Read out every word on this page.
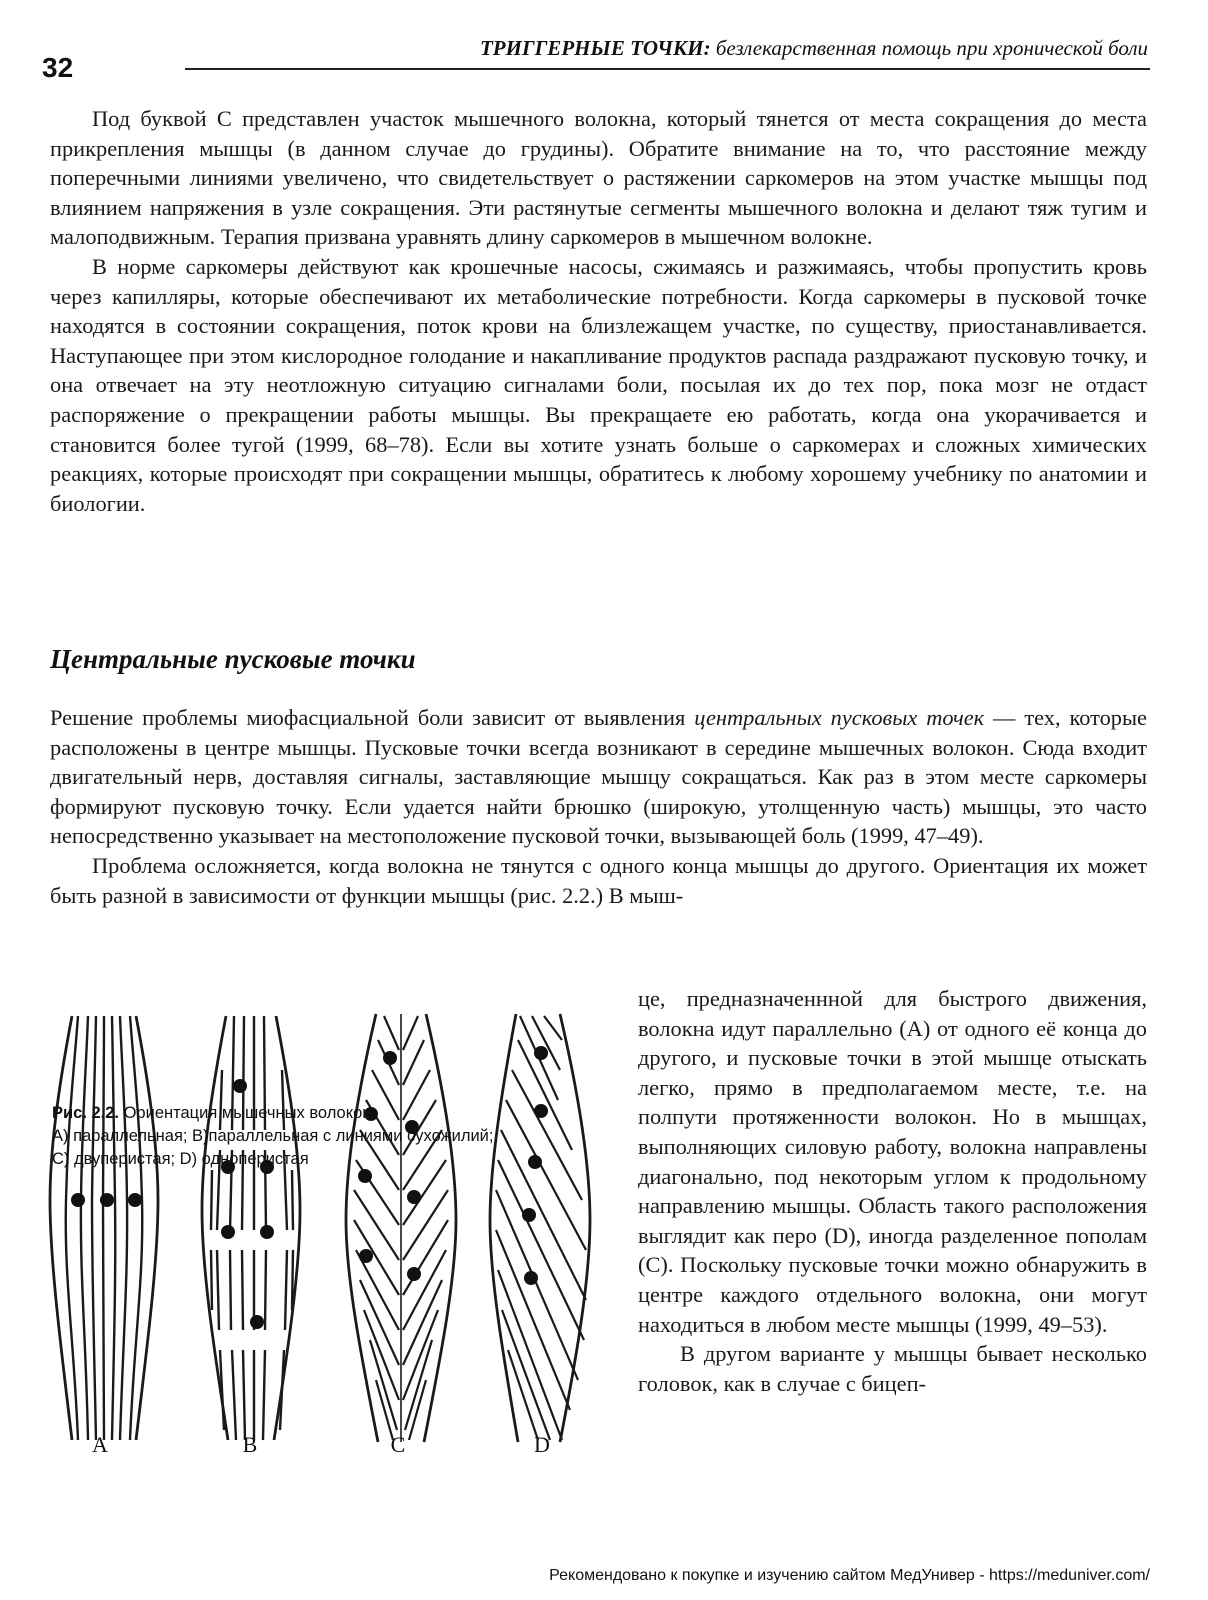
32
ТРИГГЕРНЫЕ ТОЧКИ: безлекарственная помощь при хронической боли

Под буквой С представлен участок мышечного волокна, который тянется от места сокращения до места прикрепления мышцы (в данном случае до грудины). Обратите внимание на то, что расстояние между поперечными линиями увеличено, что свидетельствует о растяжении саркомеров на этом участке мышцы под влиянием напряжения в узле сокращения. Эти растянутые сегменты мышечного волокна и делают тяж тугим и малоподвижным. Терапия призвана уравнять длину саркомеров в мышечном волокне.

В норме саркомеры действуют как крошечные насосы, сжимаясь и разжимаясь, чтобы пропустить кровь через капилляры, которые обеспечивают их метаболические потребности. Когда саркомеры в пусковой точке находятся в состоянии сокращения, поток крови на близлежащем участке, по существу, приостанавливается. Наступающее при этом кислородное голодание и накапливание продуктов распада раздражают пусковую точку, и она отвечает на эту неотложную ситуацию сигналами боли, посылая их до тех пор, пока мозг не отдаст распоряжение о прекращении работы мышцы. Вы прекращаете ею работать, когда она укорачивается и становится более тугой (1999, 68–78). Если вы хотите узнать больше о саркомерах и сложных химических реакциях, которые происходят при сокращении мышцы, обратитесь к любому хорошему учебнику по анатомии и биологии.

Центральные пусковые точки

Решение проблемы миофасциальной боли зависит от выявления центральных пусковых точек — тех, которые расположены в центре мышцы. Пусковые точки всегда возникают в середине мышечных волокон. Сюда входит двигательный нерв, доставляя сигналы, заставляющие мышцу сокращаться. Как раз в этом месте саркомеры формируют пусковую точку. Если удается найти брюшко (широкую, утолщенную часть) мышцы, это часто непосредственно указывает на местоположение пусковой точки, вызывающей боль (1999, 47–49).

Проблема осложняется, когда волокна не тянутся с одного конца мышцы до другого. Ориентация их может быть разной в зависимости от функции мышцы (рис. 2.2.) В мыш-

A	B	C	D
Рис. 2.2. Ориентация мышечных волокон:
А) параллельная; В)параллельная с линиями сухожилий;
С) двуперистая; D) одноперистая

це, предназначеннной для быстрого движения, волокна идут параллельно (А) от одного её конца до другого, и пусковые точки в этой мышце отыскать легко, прямо в предполагаемом месте, т.е. на полпути протяженности волокон. Но в мышцах, выполняющих силовую работу, волокна направлены диагонально, под некоторым углом к продольному направлению мышцы. Область такого расположения выглядит как перо (D), иногда разделенное пополам (С). Поскольку пусковые точки можно обнаружить в центре каждого отдельного волокна, они могут находиться в любом месте мышцы (1999, 49–53).

В другом варианте у мышцы бывает несколько головок, как в случае с бицеп-

Рекомендовано к покупке и изучению сайтом МедУнивер - https://meduniver.com/
